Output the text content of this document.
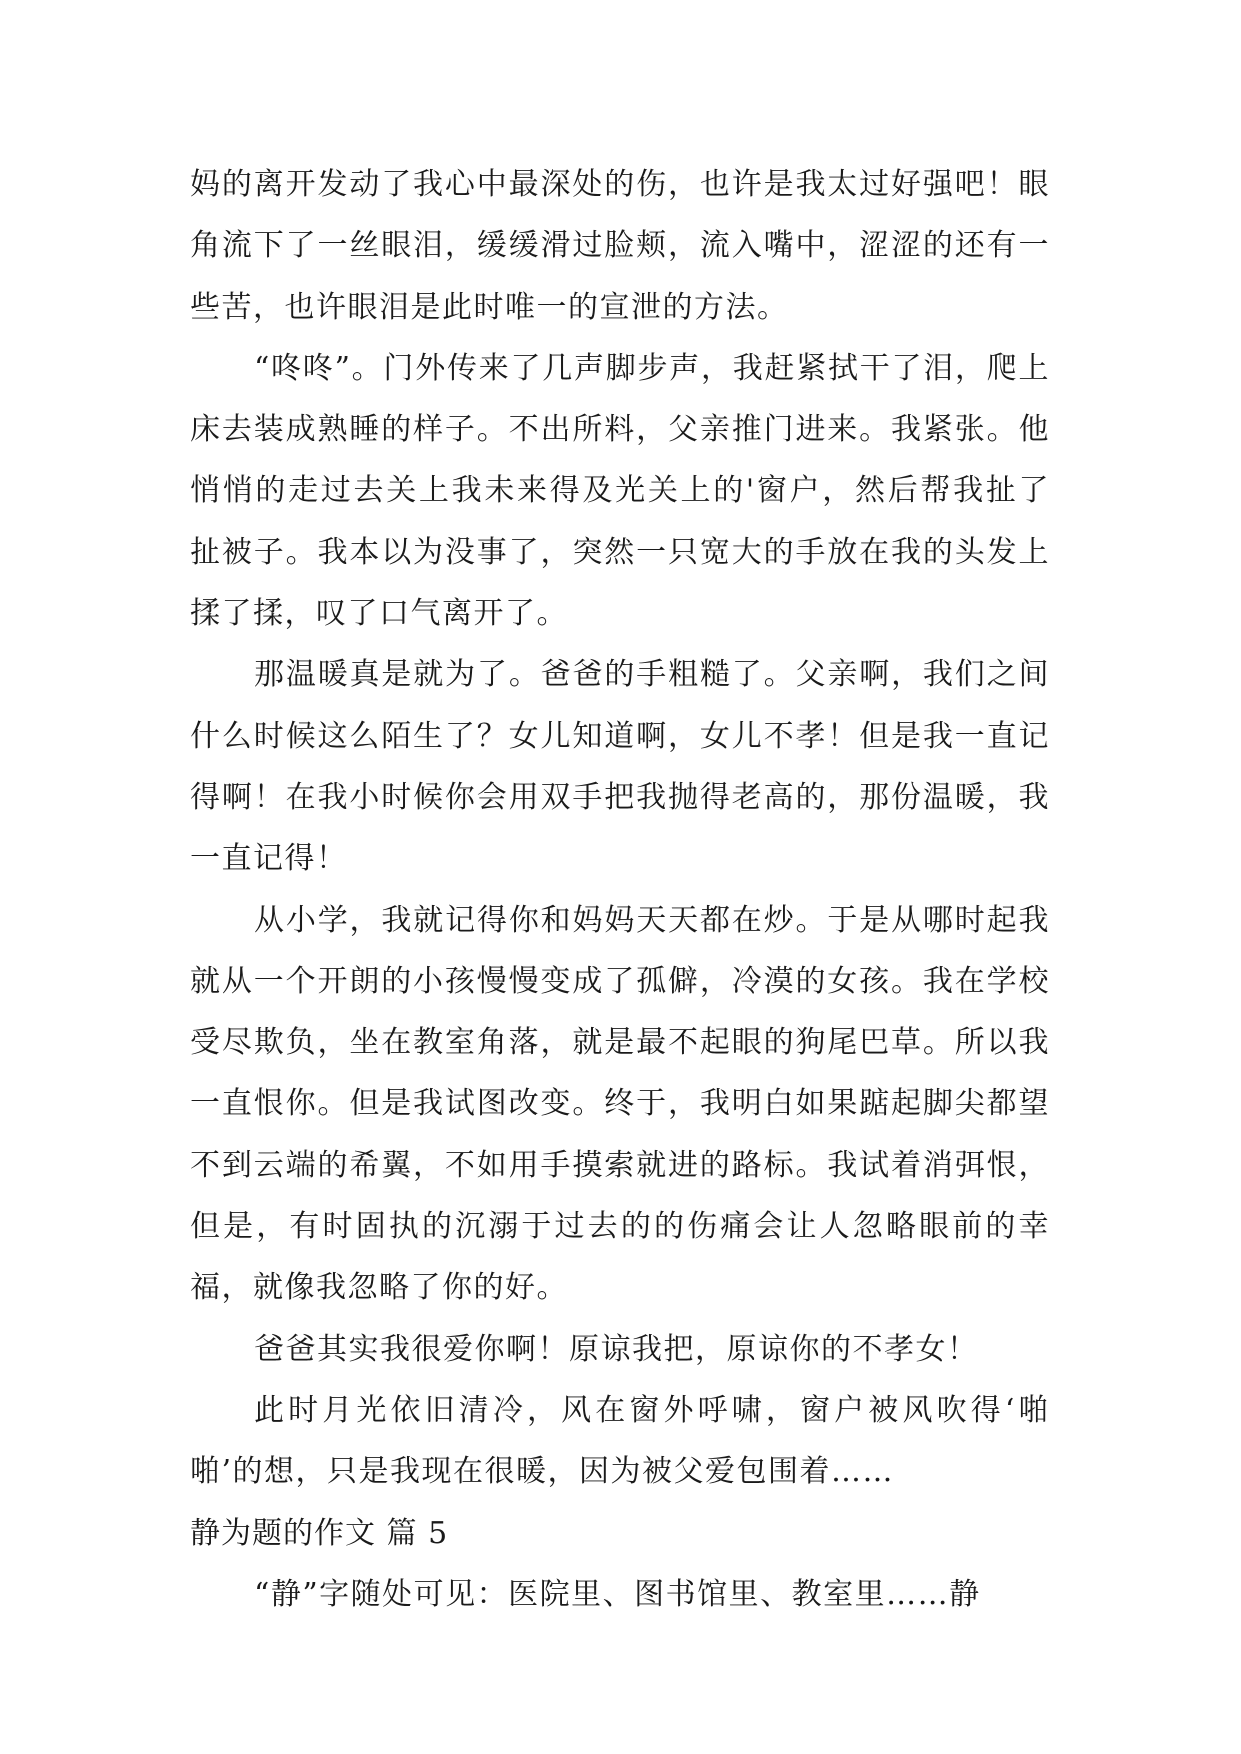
妈的离开发动了我心中最深处的伤，也许是我太过好强吧！眼角流下了一丝眼泪，缓缓滑过脸颊，流入嘴中，涩涩的还有一些苦，也许眼泪是此时唯一的宣泄的方法。

“咚咚”。门外传来了几声脚步声，我赶紧拭干了泪，爬上床去装成熟睡的样子。不出所料，父亲推门进来。我紧张。他悄悄的走过去关上我未来得及光关上的'窗户，然后帮我扯了扯被子。我本以为没事了，突然一只宽大的手放在我的头发上揉了揉，叹了口气离开了。

那温暖真是就为了。爸爸的手粗糙了。父亲啊，我们之间什么时候这么陌生了？女儿知道啊，女儿不孝！但是我一直记得啊！在我小时候你会用双手把我抛得老高的，那份温暖，我一直记得！

从小学，我就记得你和妈妈天天都在炒。于是从哪时起我就从一个开朗的小孩慢慢变成了孤僻，冷漠的女孩。我在学校受尽欺负，坐在教室角落，就是最不起眼的狗尾巴草。所以我一直恨你。但是我试图改变。终于，我明白如果踮起脚尖都望不到云端的希翼，不如用手摸索就进的路标。我试着消弭恨，但是，有时固执的沉溺于过去的的伤痛会让人忽略眼前的幸福，就像我忽略了你的好。

爸爸其实我很爱你啊！原谅我把，原谅你的不孝女！

此时月光依旧清冷，风在窗外呼啸，窗户被风吹得‘啪啪’的想，只是我现在很暖，因为被父爱包围着……

静为题的作文 篇 5

“静”字随处可见：医院里、图书馆里、教室里……静
